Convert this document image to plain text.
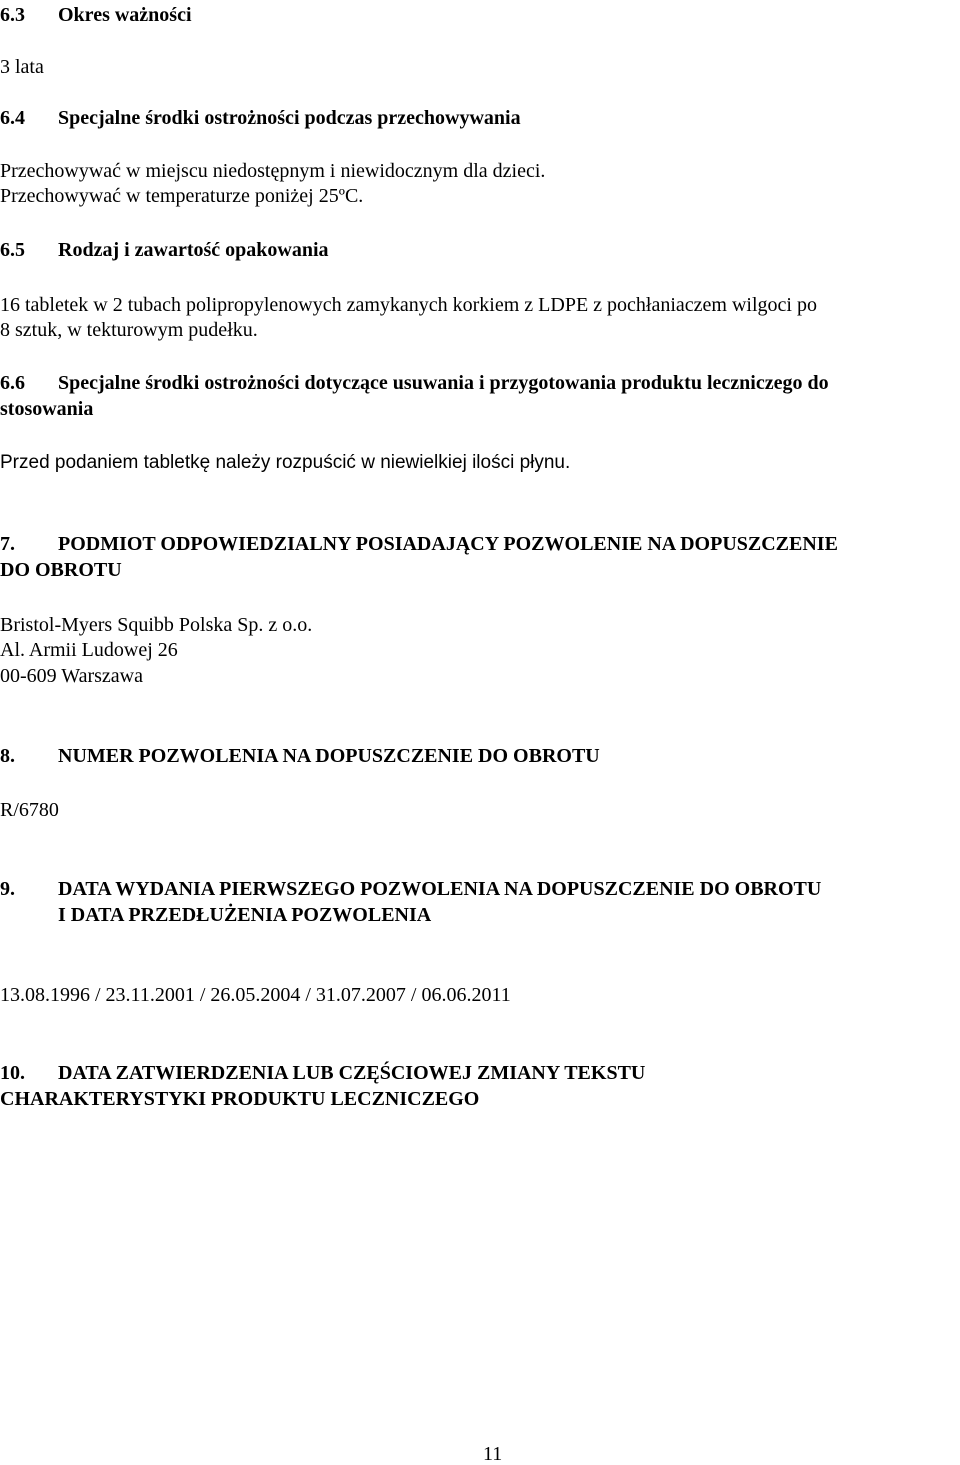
6.3 Okres ważności
3 lata
6.4 Specjalne środki ostrożności podczas przechowywania
Przechowywać w miejscu niedostępnym i niewidocznym dla dzieci.
Przechowywać w temperaturze poniżej 25ºC.
6.5 Rodzaj i zawartość opakowania
16 tabletek w 2 tubach polipropylenowych zamykanych korkiem z LDPE z pochłaniaczem wilgoci po
8 sztuk, w tekturowym pudełku.
6.6 Specjalne środki ostrożności dotyczące usuwania i przygotowania produktu leczniczego do
stosowania
Przed podaniem tabletkę należy rozpuścić w niewielkiej ilości płynu.
7. PODMIOT ODPOWIEDZIALNY POSIADAJĄCY POZWOLENIE NA DOPUSZCZENIE
DO OBROTU
Bristol-Myers Squibb Polska Sp. z o.o.
Al. Armii Ludowej 26
00-609 Warszawa
8. NUMER POZWOLENIA NA DOPUSZCZENIE DO OBROTU
R/6780
9. DATA WYDANIA PIERWSZEGO POZWOLENIA NA DOPUSZCZENIE DO OBROTU
I DATA PRZEDŁUŻENIA POZWOLENIA
13.08.1996 / 23.11.2001 / 26.05.2004 / 31.07.2007 / 06.06.2011
10. DATA ZATWIERDZENIA LUB CZĘŚCIOWEJ ZMIANY TEKSTU
CHARAKTERYSTYKI PRODUKTU LECZNICZEGO
11
